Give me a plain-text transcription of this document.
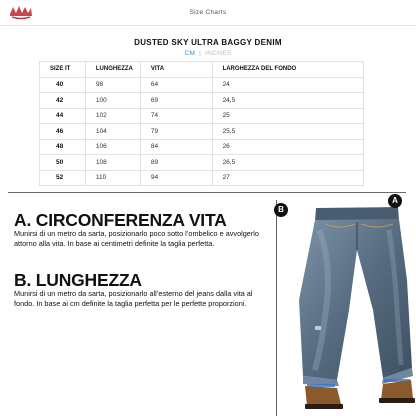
Size Charts
DUSTED SKY ULTRA BAGGY DENIM
CM | INCHES
SIZE IT	LUNGHEZZA	VITA	LARGHEZZA DEL FONDO
40	98	64	24
42	100	69	24,5
44	102	74	25
46	104	79	25,5
48	106	84	26
50	108	89	26,5
52	110	94	27
A. CIRCONFERENZA VITA
Munirsi di un metro da sarta, posizionarlo poco sotto l’ombelico e avvolgerlo attorno alla vita. In base ai centimetri definite la taglia perfetta.
B. LUNGHEZZA
Munirsi di un metro da sarta, posizionarlo all’esterno del jeans dalla vita al fondo. In base ai cm definite la taglia perfetta per le perfette proporzioni.
B
A
